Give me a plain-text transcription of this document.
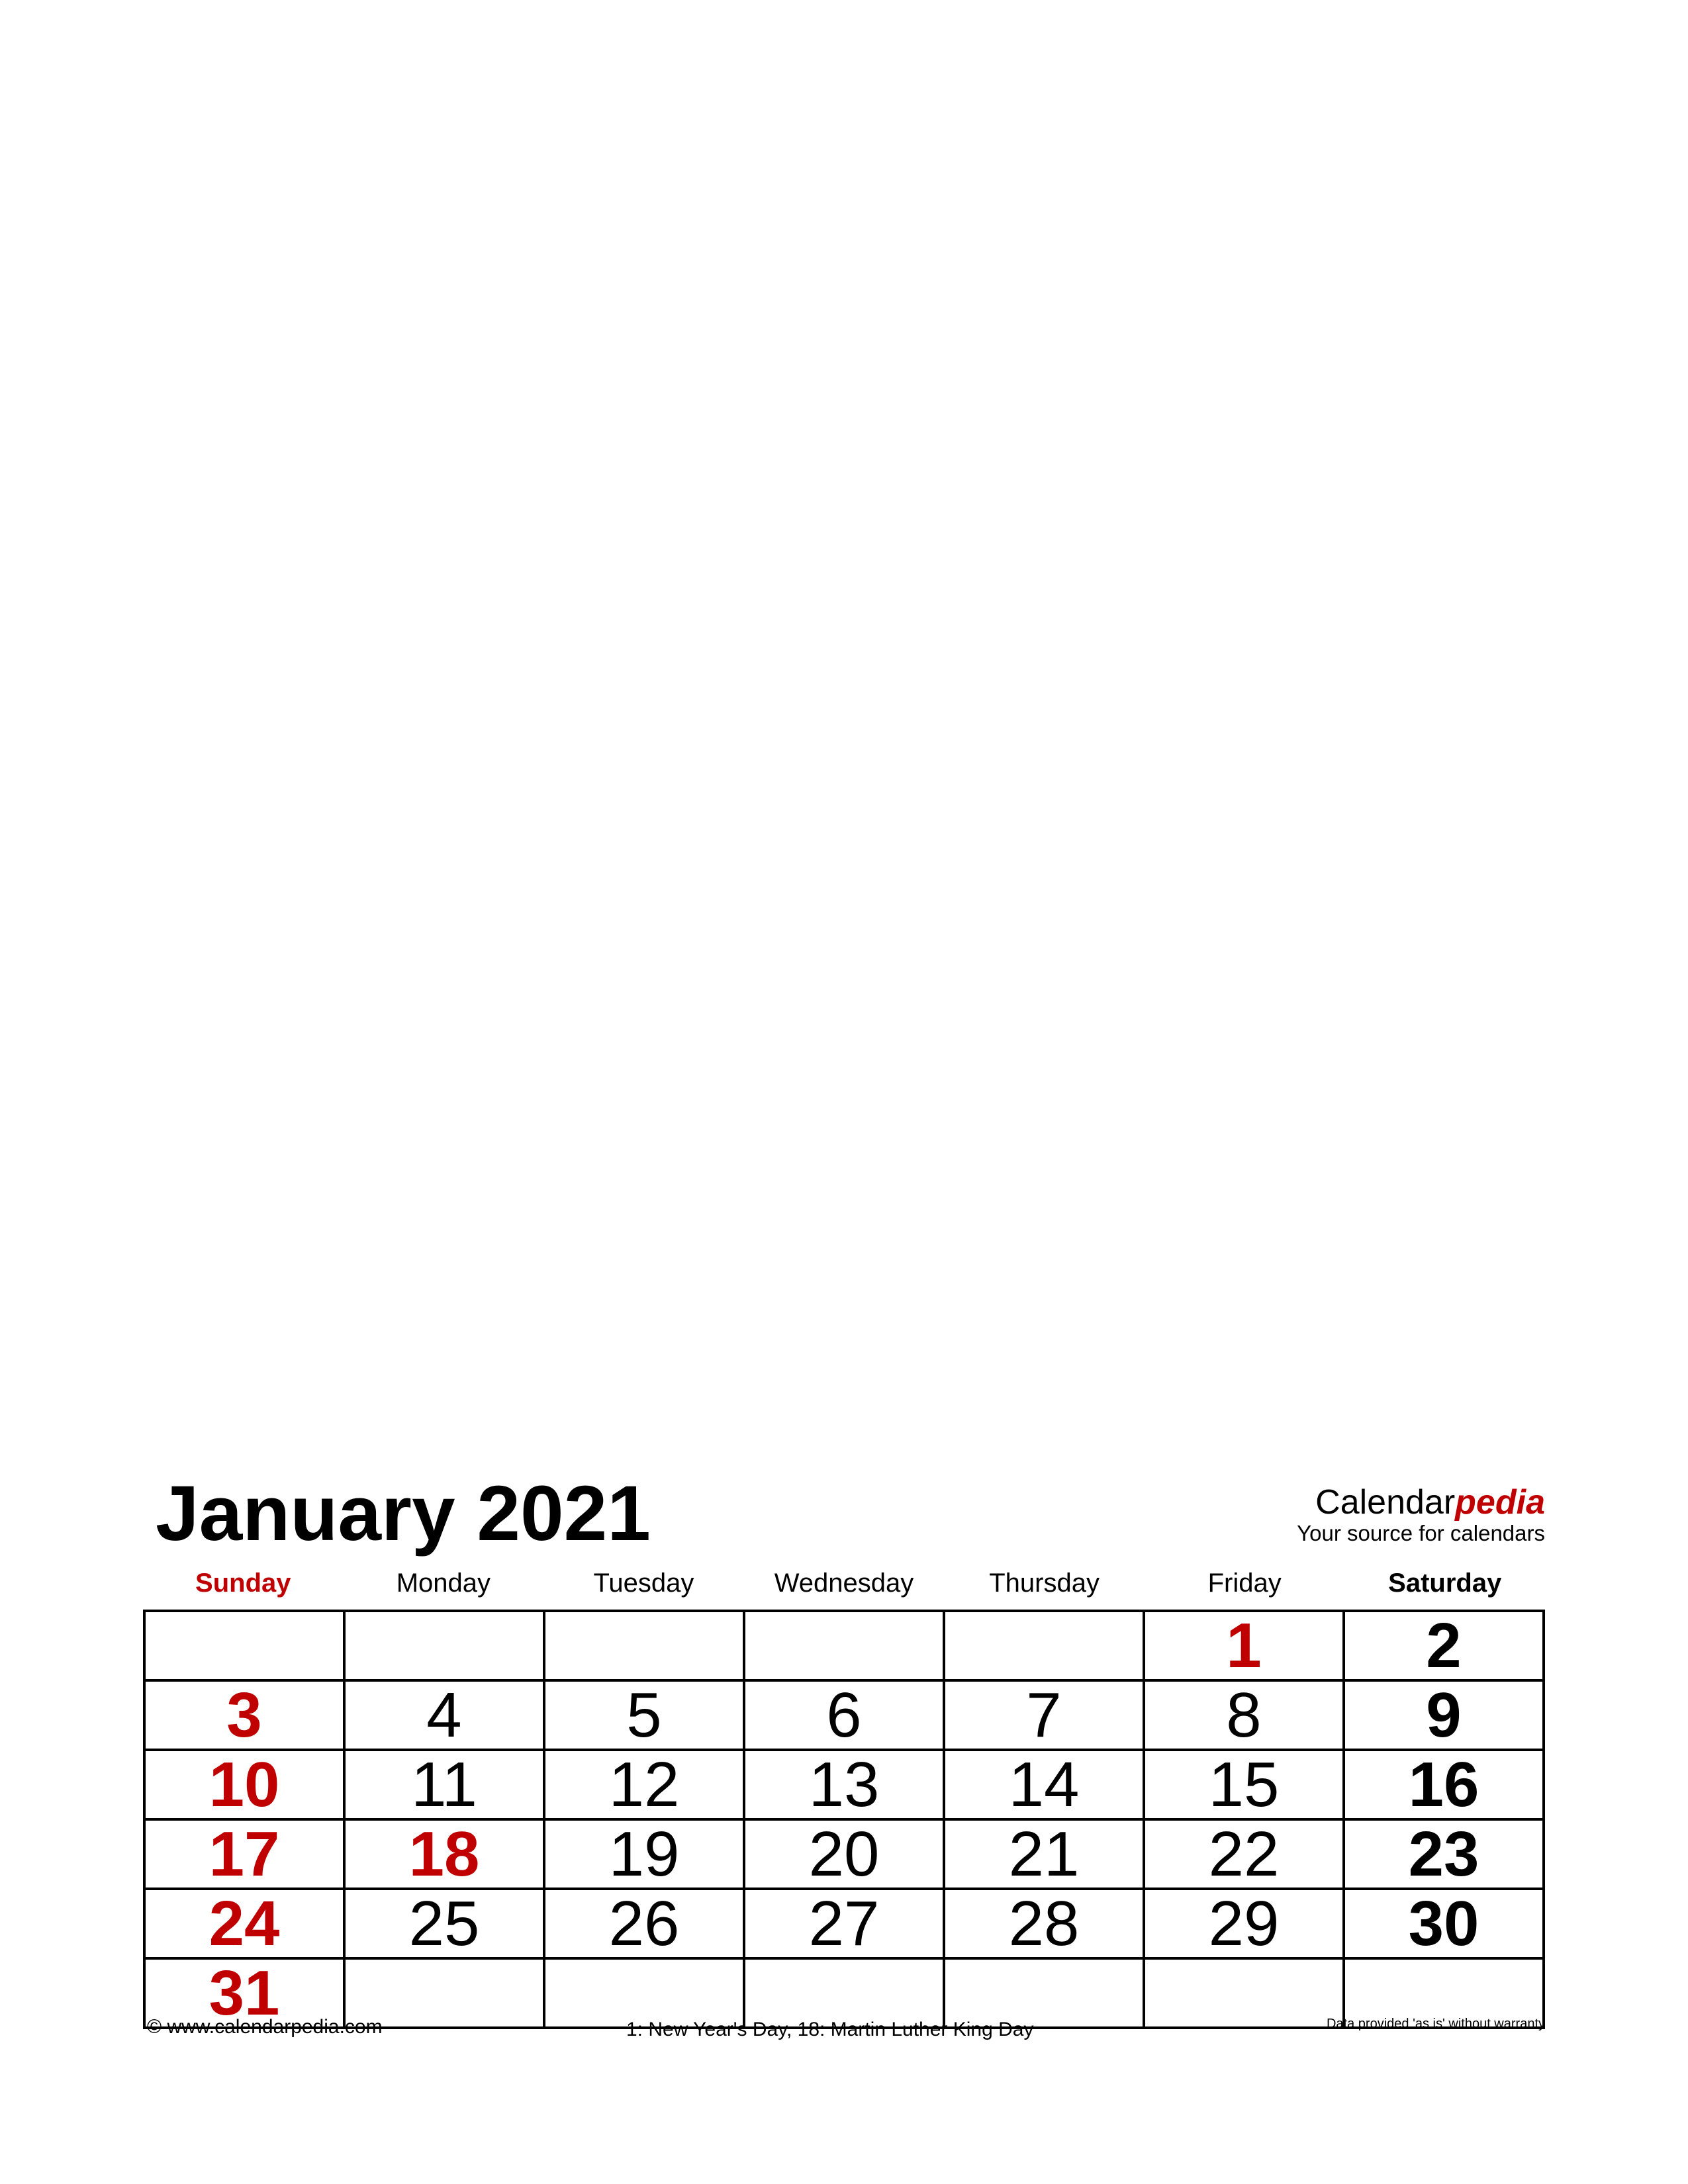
January 2021	Calendarpedia
Your source for calendars
Sunday	Monday	Tuesday	Wednesday	Thursday	Friday	Saturday
					1	2
3	4	5	6	7	8	9
10	11	12	13	14	15	16
17	18	19	20	21	22	23
24	25	26	27	28	29	30
31						
© www.calendarpedia.com	1: New Year's Day, 18: Martin Luther King Day	Data provided 'as is' without warranty
